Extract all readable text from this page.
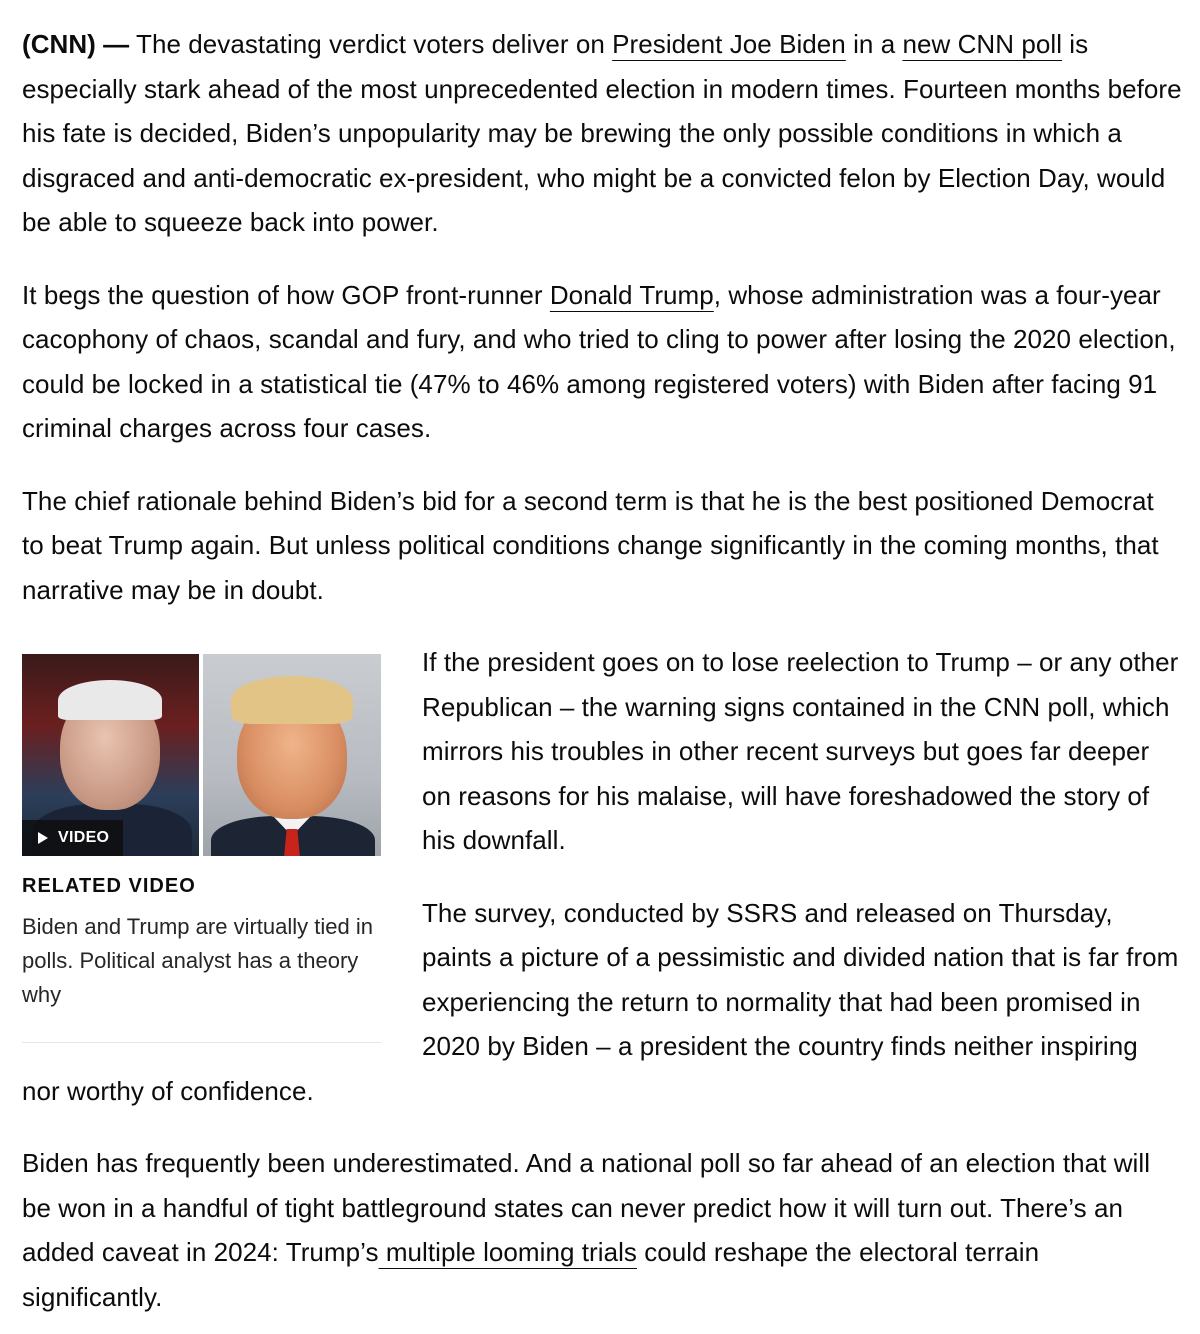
(CNN) — The devastating verdict voters deliver on President Joe Biden in a new CNN poll is especially stark ahead of the most unprecedented election in modern times. Fourteen months before his fate is decided, Biden’s unpopularity may be brewing the only possible conditions in which a disgraced and anti-democratic ex-president, who might be a convicted felon by Election Day, would be able to squeeze back into power.

It begs the question of how GOP front-runner Donald Trump, whose administration was a four-year cacophony of chaos, scandal and fury, and who tried to cling to power after losing the 2020 election, could be locked in a statistical tie (47% to 46% among registered voters) with Biden after facing 91 criminal charges across four cases.

The chief rationale behind Biden’s bid for a second term is that he is the best positioned Democrat to beat Trump again. But unless political conditions change significantly in the coming months, that narrative may be in doubt.

VIDEO
RELATED VIDEO
Biden and Trump are virtually tied in polls. Political analyst has a theory why

If the president goes on to lose reelection to Trump – or any other Republican – the warning signs contained in the CNN poll, which mirrors his troubles in other recent surveys but goes far deeper on reasons for his malaise, will have foreshadowed the story of his downfall.

The survey, conducted by SSRS and released on Thursday, paints a picture of a pessimistic and divided nation that is far from experiencing the return to normality that had been promised in 2020 by Biden – a president the country finds neither inspiring nor worthy of confidence.

Biden has frequently been underestimated. And a national poll so far ahead of an election that will be won in a handful of tight battleground states can never predict how it will turn out. There’s an added caveat in 2024: Trump’s multiple looming trials could reshape the electoral terrain significantly.
